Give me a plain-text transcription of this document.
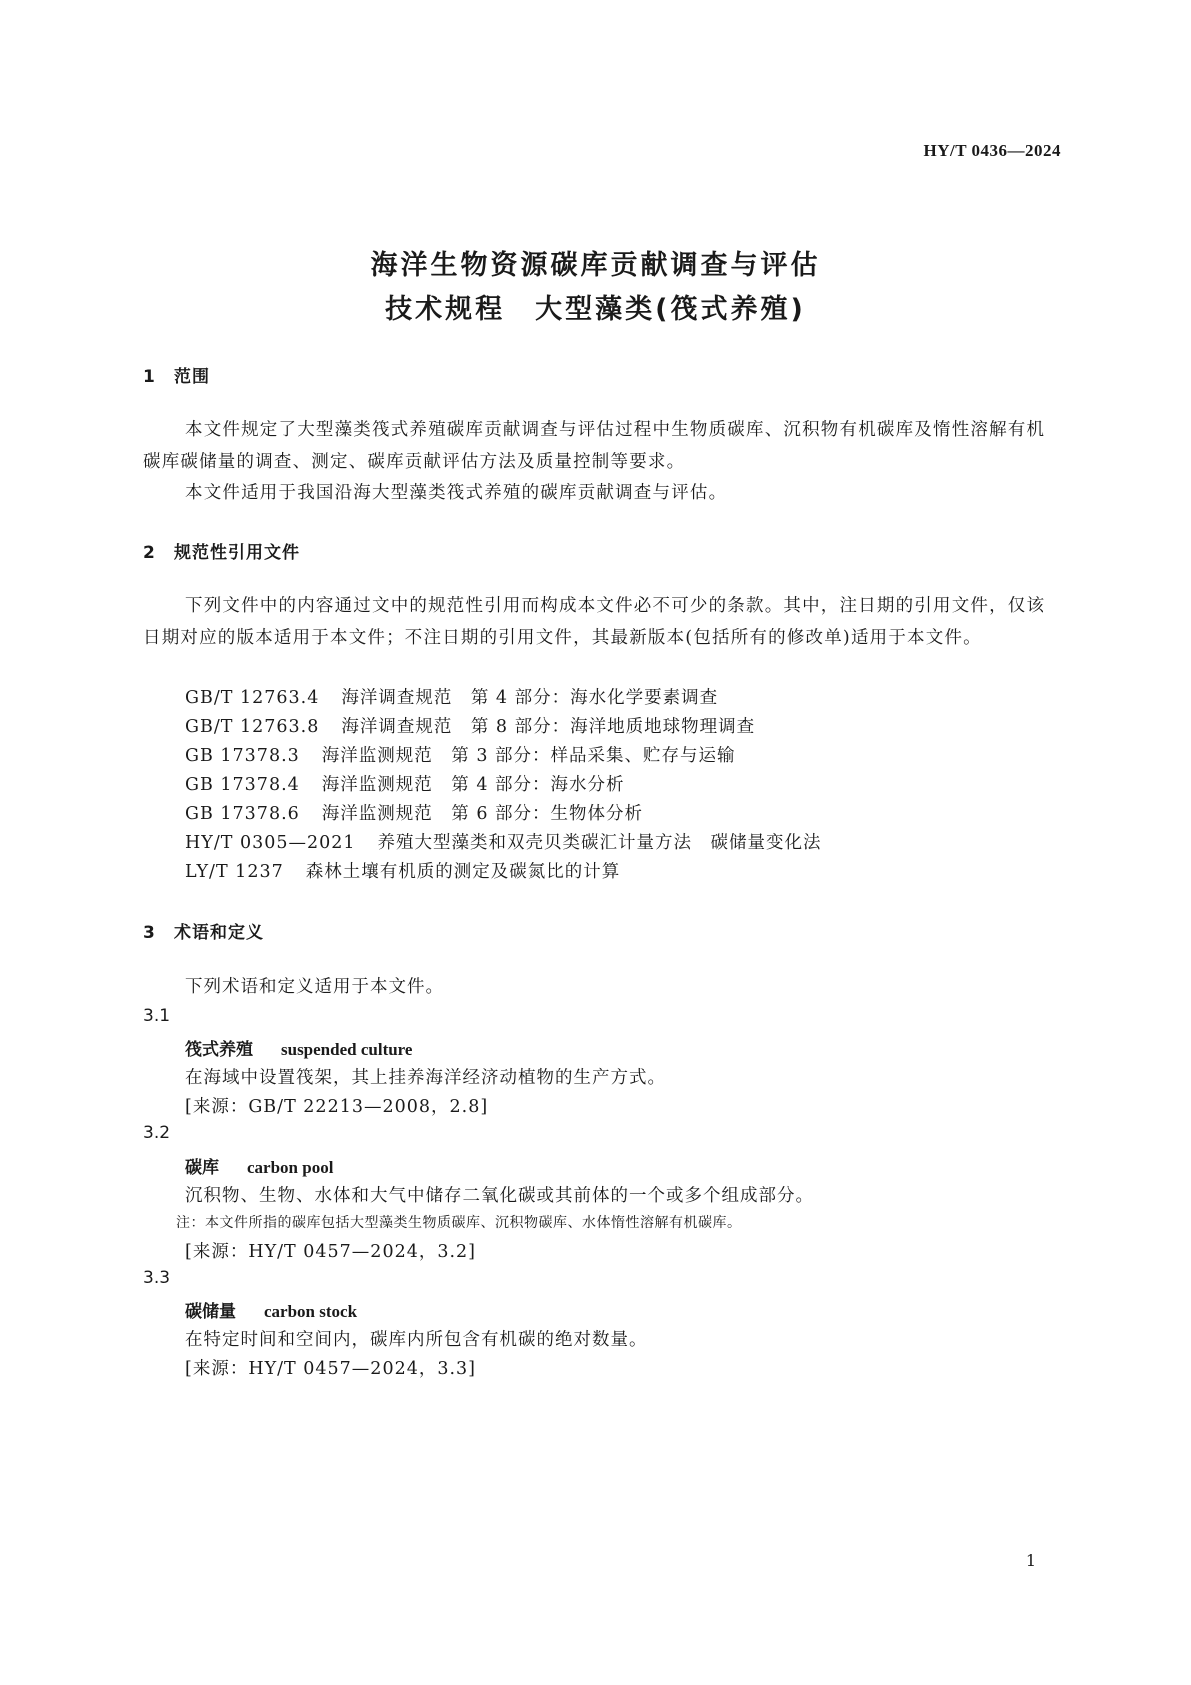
HY/T 0436—2024
海洋生物资源碳库贡献调查与评估
技术规程　大型藻类(筏式养殖)
1 范围
本文件规定了大型藻类筏式养殖碳库贡献调查与评估过程中生物质碳库、沉积物有机碳库及惰性溶解有机碳库碳储量的调查、测定、碳库贡献评估方法及质量控制等要求。
本文件适用于我国沿海大型藻类筏式养殖的碳库贡献调查与评估。
2 规范性引用文件
下列文件中的内容通过文中的规范性引用而构成本文件必不可少的条款。其中，注日期的引用文件，仅该日期对应的版本适用于本文件；不注日期的引用文件，其最新版本(包括所有的修改单)适用于本文件。
GB/T 12763.4 海洋调查规范　第 4 部分：海水化学要素调查
GB/T 12763.8 海洋调查规范　第 8 部分：海洋地质地球物理调查
GB 17378.3 海洋监测规范　第 3 部分：样品采集、贮存与运输
GB 17378.4 海洋监测规范　第 4 部分：海水分析
GB 17378.6 海洋监测规范　第 6 部分：生物体分析
HY/T 0305—2021 养殖大型藻类和双壳贝类碳汇计量方法　碳储量变化法
LY/T 1237 森林土壤有机质的测定及碳氮比的计算
3 术语和定义
下列术语和定义适用于本文件。
3.1
筏式养殖 suspended culture
在海域中设置筏架，其上挂养海洋经济动植物的生产方式。
[来源：GB/T 22213—2008，2.8]
3.2
碳库 carbon pool
沉积物、生物、水体和大气中储存二氧化碳或其前体的一个或多个组成部分。
注：本文件所指的碳库包括大型藻类生物质碳库、沉积物碳库、水体惰性溶解有机碳库。
[来源：HY/T 0457—2024，3.2]
3.3
碳储量 carbon stock
在特定时间和空间内，碳库内所包含有机碳的绝对数量。
[来源：HY/T 0457—2024，3.3]
1
